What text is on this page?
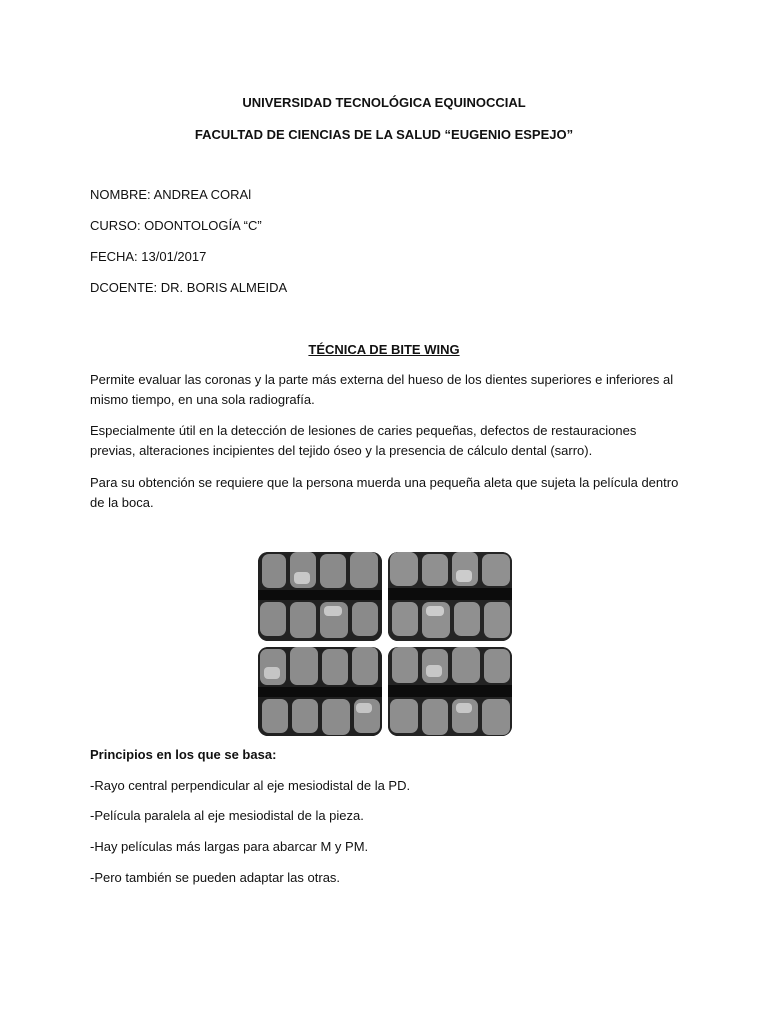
UNIVERSIDAD TECNOLÓGICA EQUINOCCIAL
FACULTAD DE CIENCIAS DE LA SALUD “EUGENIO ESPEJO”
NOMBRE: ANDREA CORAl
CURSO: ODONTOLOGÍA “C”
FECHA: 13/01/2017
DCOENTE: DR. BORIS ALMEIDA
TÉCNICA DE BITE WING
Permite evaluar las coronas y la parte más externa del hueso de los dientes superiores e inferiores al mismo tiempo, en una sola radiografía.
Especialmente útil en la detección de lesiones de caries pequeñas, defectos de restauraciones previas, alteraciones incipientes del tejido óseo y la presencia de cálculo dental (sarro).
Para su obtención se requiere que la persona muerda una pequeña aleta que sujeta la película dentro de la boca.
Principios en los que se basa:
-Rayo central perpendicular al eje mesiodistal de la PD.
-Película paralela al eje mesiodistal de la pieza.
-Hay películas más largas para abarcar M y PM.
-Pero también se pueden adaptar las otras.
